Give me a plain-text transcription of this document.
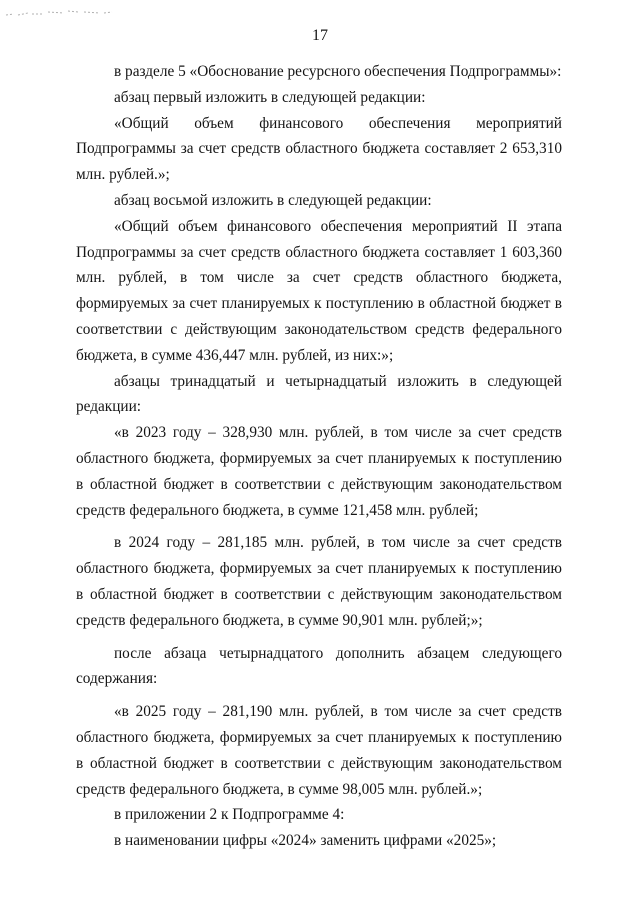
17

в разделе 5 «Обоснование ресурсного обеспечения Подпрограммы»:

абзац первый изложить в следующей редакции:

«Общий объем финансового обеспечения мероприятий Подпрограммы за счет средств областного бюджета составляет 2 653,310 млн. рублей.»;

абзац восьмой изложить в следующей редакции:

«Общий объем финансового обеспечения мероприятий II этапа Подпрограммы за счет средств областного бюджета составляет 1 603,360 млн. рублей, в том числе за счет средств областного бюджета, формируемых за счет планируемых к поступлению в областной бюджет в соответствии с действующим законодательством средств федерального бюджета, в сумме 436,447 млн. рублей, из них:»;

абзацы тринадцатый и четырнадцатый изложить в следующей редакции:

«в 2023 году – 328,930 млн. рублей, в том числе за счет средств областного бюджета, формируемых за счет планируемых к поступлению в областной бюджет в соответствии с действующим законодательством средств федерального бюджета, в сумме 121,458 млн. рублей;

в 2024 году – 281,185 млн. рублей, в том числе за счет средств областного бюджета, формируемых за счет планируемых к поступлению в областной бюджет в соответствии с действующим законодательством средств федерального бюджета, в сумме 90,901 млн. рублей;»;

после абзаца четырнадцатого дополнить абзацем следующего содержания:

«в 2025 году – 281,190 млн. рублей, в том числе за счет средств областного бюджета, формируемых за счет планируемых к поступлению в областной бюджет в соответствии с действующим законодательством средств федерального бюджета, в сумме 98,005 млн. рублей.»;

в приложении 2 к Подпрограмме 4:

в наименовании цифры «2024» заменить цифрами «2025»;
